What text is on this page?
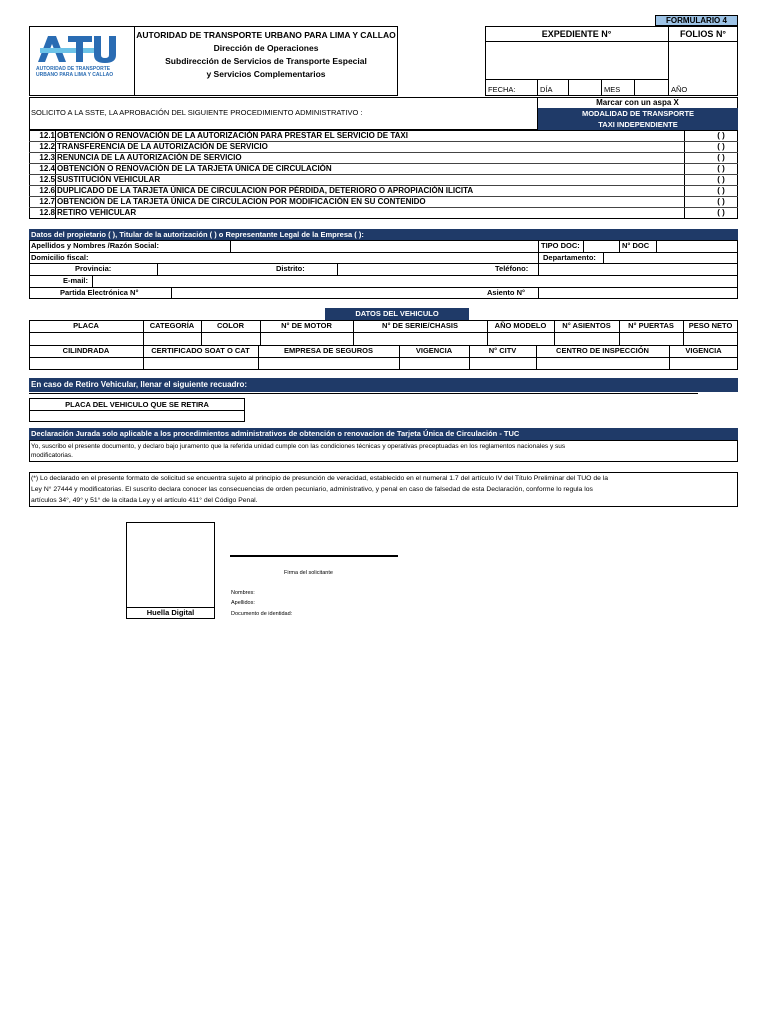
FORMULARIO 4
AUTORIDAD DE TRANSPORTE
URBANO PARA LIMA Y CALLAO
AUTORIDAD DE TRANSPORTE URBANO PARA LIMA Y CALLAO
Dirección de Operaciones
Subdirección de Servicios de Transporte Especial
y Servicios Complementarios
EXPEDIENTE N°	FOLIOS N°
FECHA:	DÍA	MES	AÑO
SOLICITO A LA SSTE, LA APROBACIÓN DEL SIGUIENTE PROCEDIMIENTO ADMINISTRATIVO :
Marcar con un aspa X
MODALIDAD DE TRANSPORTE
TAXI INDEPENDIENTE
12.1 OBTENCIÓN O RENOVACIÓN DE LA AUTORIZACIÓN PARA PRESTAR EL SERVICIO DE TAXI	( )
12.2 TRANSFERENCIA DE LA AUTORIZACIÓN DE SERVICIO	( )
12.3 RENUNCIA DE LA AUTORIZACIÓN DE SERVICIO	( )
12.4 OBTENCIÓN O RENOVACIÓN DE LA TARJETA ÚNICA DE CIRCULACIÓN	( )
12.5 SUSTITUCIÓN VEHICULAR	( )
12.6 DUPLICADO DE LA TARJETA ÚNICA DE CIRCULACION POR PÉRDIDA, DETERIORO O APROPIACIÓN ILICITA	( )
12.7 OBTENCIÓN DE LA TARJETA ÚNICA DE CIRCULACION POR MODIFICACIÓN EN SU CONTENIDO	( )
12.8 RETIRO VEHICULAR	( )
Datos del propietario ( ), Titular de la autorización ( ) o Representante Legal de la Empresa ( ):
Apellidos y Nombres /Razón Social:	TIPO DOC:	N° DOC
Domicilio fiscal:	Departamento:
Provincia:	Distrito:	Teléfono:
E-mail:
Partida Electrónica N°	Asiento N°
DATOS DEL VEHICULO
PLACA	CATEGORÍA	COLOR	N° DE MOTOR	N° DE SERIE/CHASIS	AÑO MODELO	N° ASIENTOS	N° PUERTAS	PESO NETO
CILINDRADA	CERTIFICADO SOAT O CAT	EMPRESA DE SEGUROS	VIGENCIA	N° CITV	CENTRO DE INSPECCIÓN	VIGENCIA
En caso de Retiro Vehicular, llenar el siguiente recuadro:
PLACA DEL VEHICULO QUE SE RETIRA
Declaración Jurada solo aplicable a los procedimientos administrativos de obtención o renovacion de Tarjeta Única de Circulación - TUC
Yo, suscribo el presente documento, y declaro bajo juramento que la referida unidad cumple con las condiciones técnicas y operativas preceptuadas en los reglamentos nacionales y sus
modificatorias.
(*) Lo declarado en el presente formato de solicitud se encuentra sujeto al principio de presunción de veracidad, establecido en el numeral 1.7 del artículo IV del Título Preliminar del TUO de la
Ley N° 27444 y modificatorias. El suscrito declara conocer las consecuencias de orden pecuniario, administrativo, y penal en caso de falsedad de esta Declaración, conforme lo regula los
artículos 34°, 49° y 51° de la citada Ley y el artículo 411° del Código Penal.
Huella Digital
Firma del solicitante
Nombres:
Apellidos:
Documento de identidad:
